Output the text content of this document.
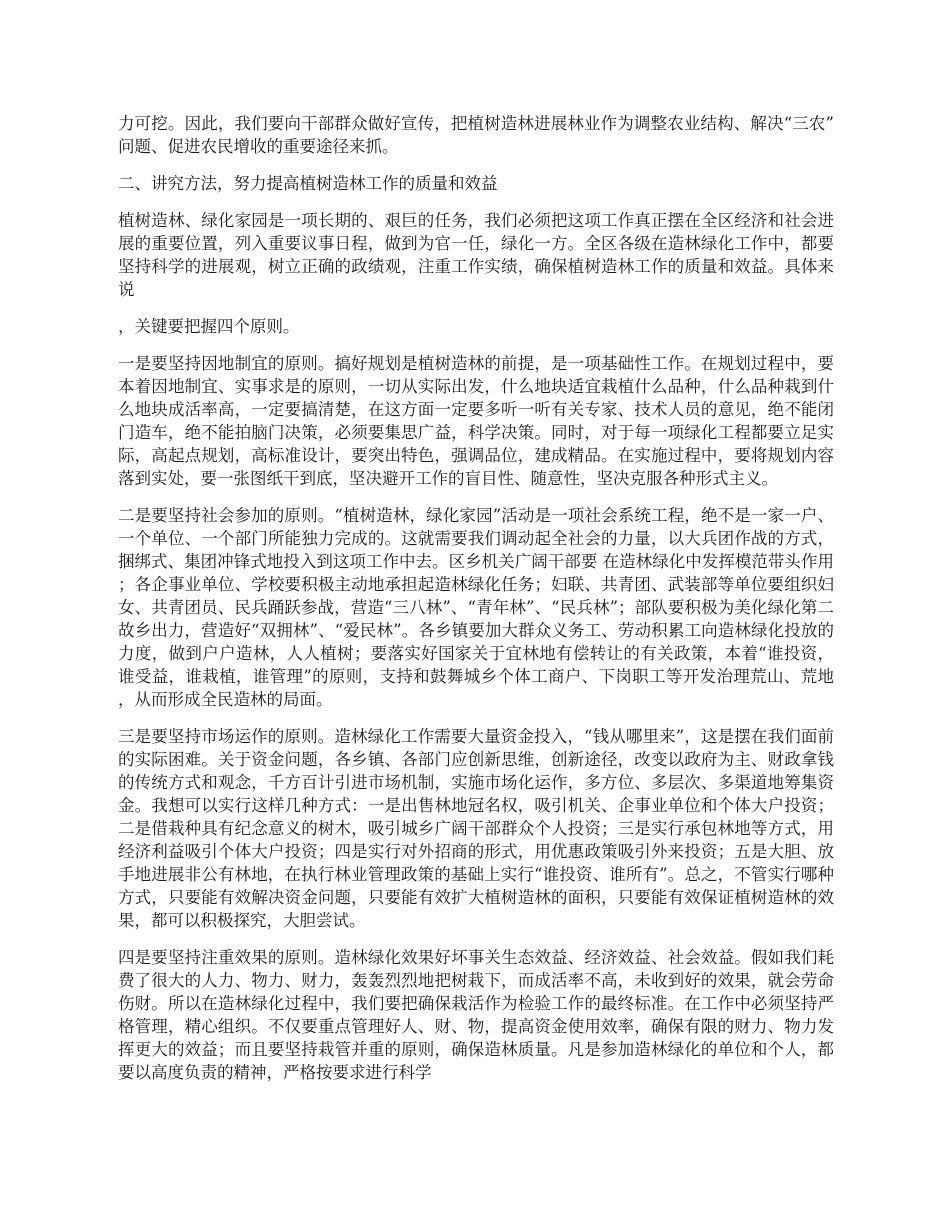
力可挖。因此，我们要向干部群众做好宣传，把植树造林进展林业作为调整农业结构、解决“三农”问题、促进农民增收的重要途径来抓。

二、讲究方法，努力提高植树造林工作的质量和效益

植树造林、绿化家园是一项长期的、艰巨的任务，我们必须把这项工作真正摆在全区经济和社会进展的重要位置，列入重要议事日程，做到为官一任，绿化一方。全区各级在造林绿化工作中，都要坚持科学的进展观，树立正确的政绩观，注重工作实绩，确保植树造林工作的质量和效益。具体来说

，关键要把握四个原则。

一是要坚持因地制宜的原则。搞好规划是植树造林的前提，是一项基础性工作。在规划过程中，要本着因地制宜、实事求是的原则，一切从实际出发，什么地块适宜栽植什么品种，什么品种栽到什么地块成活率高，一定要搞清楚，在这方面一定要多听一听有关专家、技术人员的意见，绝不能闭门造车，绝不能拍脑门决策，必须要集思广益，科学决策。同时，对于每一项绿化工程都要立足实际，高起点规划，高标准设计，要突出特色，强调品位，建成精品。在实施过程中，要将规划内容落到实处，要一张图纸干到底，坚决避开工作的盲目性、随意性，坚决克服各种形式主义。

二是要坚持社会参加的原则。“植树造林，绿化家园”活动是一项社会系统工程，绝不是一家一户、一个单位、一个部门所能独力完成的。这就需要我们调动起全社会的力量，以大兵团作战的方式，捆绑式、集团冲锋式地投入到这项工作中去。区乡机关广阔干部要 在造林绿化中发挥模范带头作用；各企事业单位、学校要积极主动地承担起造林绿化任务；妇联、共青团、武装部等单位要组织妇女、共青团员、民兵踊跃参战，营造“三八林”、“青年林”、“民兵林”；部队要积极为美化绿化第二故乡出力，营造好“双拥林”、“爱民林”。各乡镇要加大群众义务工、劳动积累工向造林绿化投放的力度，做到户户造林，人人植树；要落实好国家关于宜林地有偿转让的有关政策，本着“谁投资，谁受益，谁栽植，谁管理”的原则，支持和鼓舞城乡个体工商户、下岗职工等开发治理荒山、荒地，从而形成全民造林的局面。

三是要坚持市场运作的原则。造林绿化工作需要大量资金投入，“钱从哪里来”，这是摆在我们面前的实际困难。关于资金问题，各乡镇、各部门应创新思维，创新途径，改变以政府为主、财政拿钱的传统方式和观念，千方百计引进市场机制，实施市场化运作，多方位、多层次、多渠道地筹集资金。我想可以实行这样几种方式：一是出售林地冠名权，吸引机关、企事业单位和个体大户投资；二是借栽种具有纪念意义的树木，吸引城乡广阔干部群众个人投资；三是实行承包林地等方式，用经济利益吸引个体大户投资；四是实行对外招商的形式，用优惠政策吸引外来投资；五是大胆、放手地进展非公有林地，在执行林业管理政策的基础上实行“谁投资、谁所有”。总之，不管实行哪种方式，只要能有效解决资金问题，只要能有效扩大植树造林的面积，只要能有效保证植树造林的效果，都可以积极探究，大胆尝试。

四是要坚持注重效果的原则。造林绿化效果好坏事关生态效益、经济效益、社会效益。假如我们耗费了很大的人力、物力、财力，轰轰烈烈地把树栽下，而成活率不高，未收到好的效果，就会劳命伤财。所以在造林绿化过程中，我们要把确保栽活作为检验工作的最终标准。在工作中必须坚持严格管理，精心组织。不仅要重点管理好人、财、物，提高资金使用效率，确保有限的财力、物力发挥更大的效益；而且要坚持栽管并重的原则，确保造林质量。凡是参加造林绿化的单位和个人，都要以高度负责的精神，严格按要求进行科学
